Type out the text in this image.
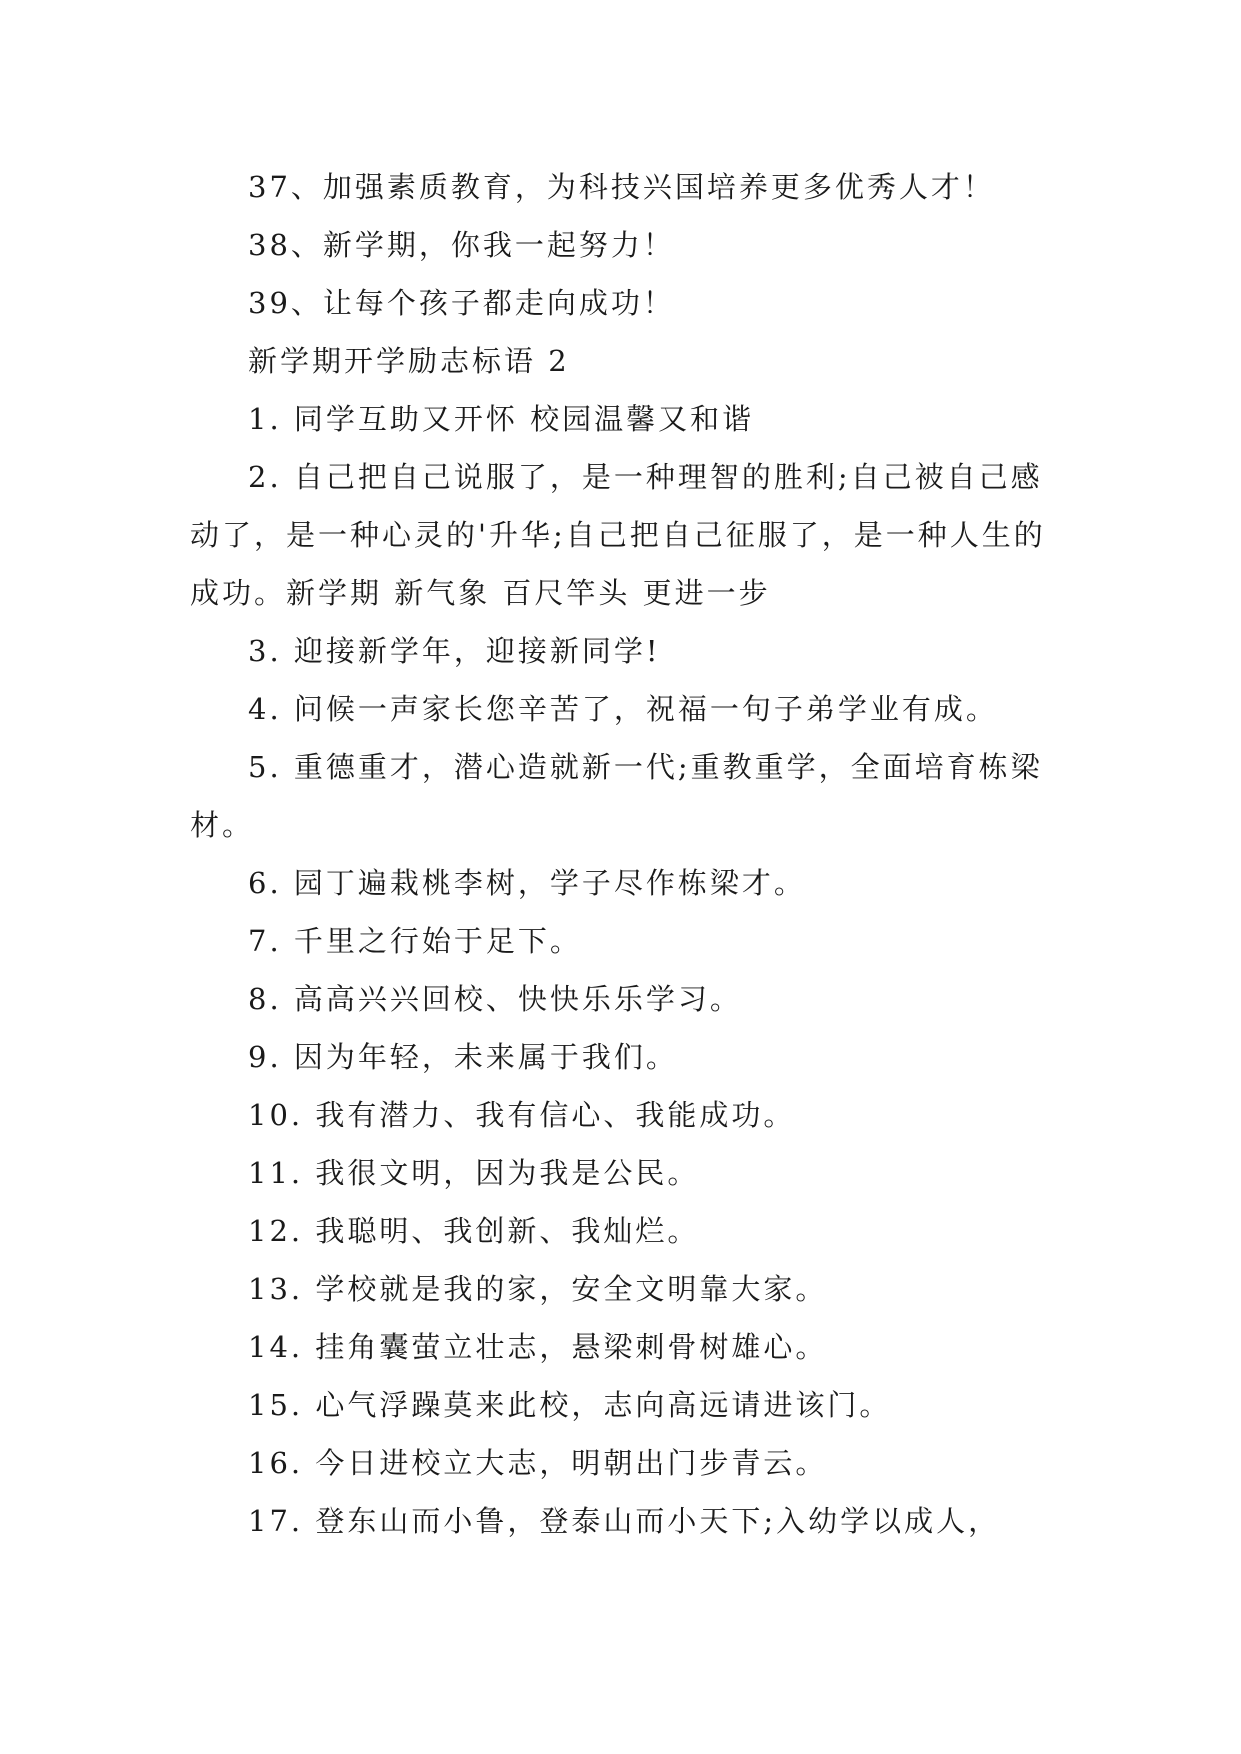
37、加强素质教育，为科技兴国培养更多优秀人才！

38、新学期，你我一起努力！

39、让每个孩子都走向成功！

新学期开学励志标语 2

1. 同学互助又开怀 校园温馨又和谐

2. 自己把自己说服了，是一种理智的胜利;自己被自己感动了，是一种心灵的'升华;自己把自己征服了，是一种人生的成功。新学期 新气象 百尺竿头 更进一步

3. 迎接新学年，迎接新同学!

4. 问候一声家长您辛苦了，祝福一句子弟学业有成。

5. 重德重才，潜心造就新一代;重教重学，全面培育栋梁材。

6. 园丁遍栽桃李树，学子尽作栋梁才。

7. 千里之行始于足下。

8. 高高兴兴回校、快快乐乐学习。

9. 因为年轻，未来属于我们。

10. 我有潜力、我有信心、我能成功。

11. 我很文明，因为我是公民。

12. 我聪明、我创新、我灿烂。

13. 学校就是我的家，安全文明靠大家。

14. 挂角囊萤立壮志，悬梁刺骨树雄心。

15. 心气浮躁莫来此校，志向高远请进该门。

16. 今日进校立大志，明朝出门步青云。

17. 登东山而小鲁，登泰山而小天下;入幼学以成人，
